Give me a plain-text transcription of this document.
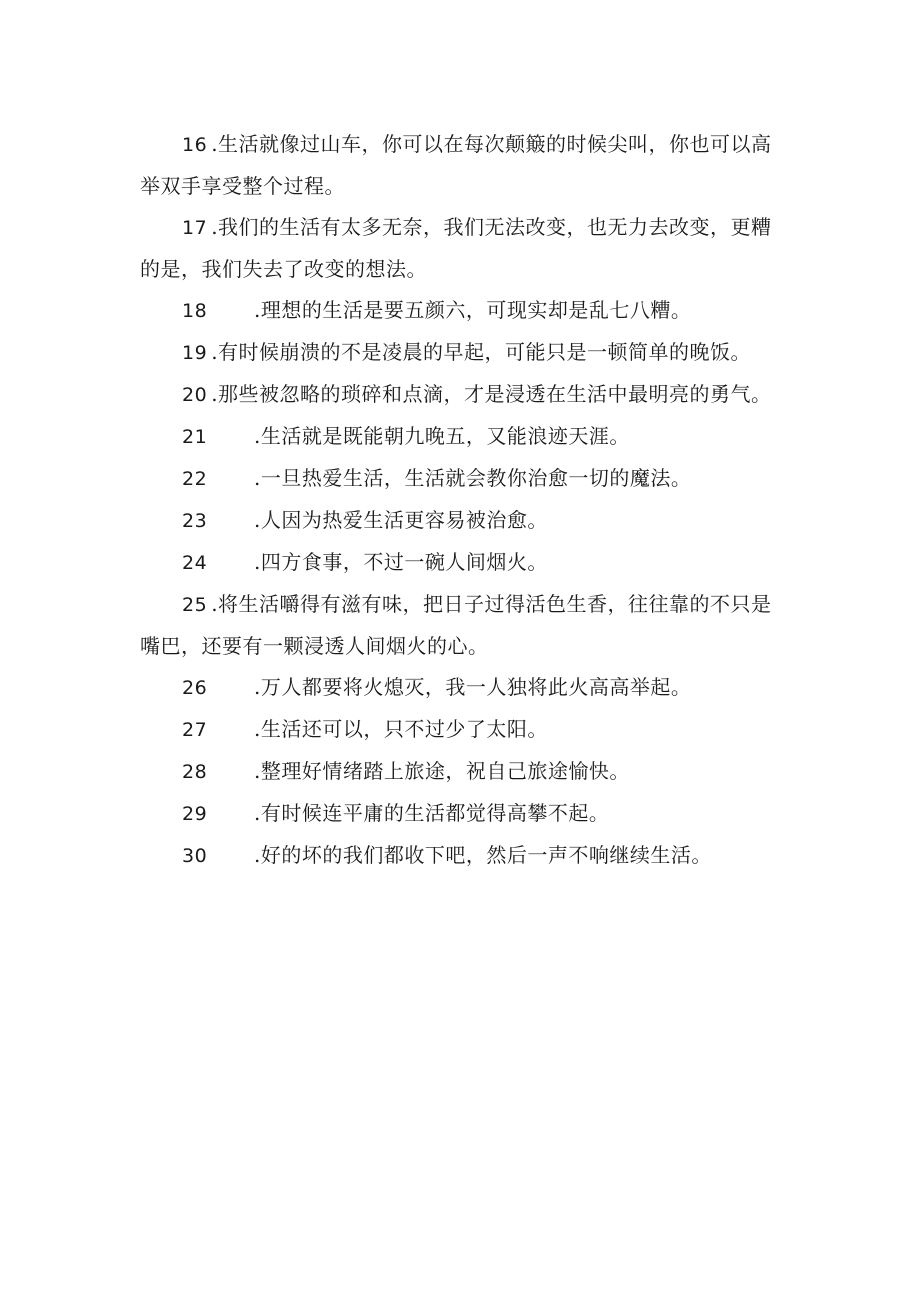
16 .生活就像过山车，你可以在每次颠簸的时候尖叫，你也可以高举双手享受整个过程。

17 .我们的生活有太多无奈，我们无法改变，也无力去改变，更糟的是，我们失去了改变的想法。

18	.理想的生活是要五颜六，可现实却是乱七八糟。

19 .有时候崩溃的不是凌晨的早起，可能只是一顿简单的晚饭。

20 .那些被忽略的琐碎和点滴，才是浸透在生活中最明亮的勇气。

21	.生活就是既能朝九晚五，又能浪迹天涯。

22	.一旦热爱生活，生活就会教你治愈一切的魔法。

23	.人因为热爱生活更容易被治愈。

24	.四方食事，不过一碗人间烟火。

25 .将生活嚼得有滋有味，把日子过得活色生香，往往靠的不只是嘴巴，还要有一颗浸透人间烟火的心。

26	.万人都要将火熄灭，我一人独将此火高高举起。

27	.生活还可以，只不过少了太阳。

28	.整理好情绪踏上旅途，祝自己旅途愉快。

29	.有时候连平庸的生活都觉得高攀不起。

30	.好的坏的我们都收下吧，然后一声不响继续生活。
